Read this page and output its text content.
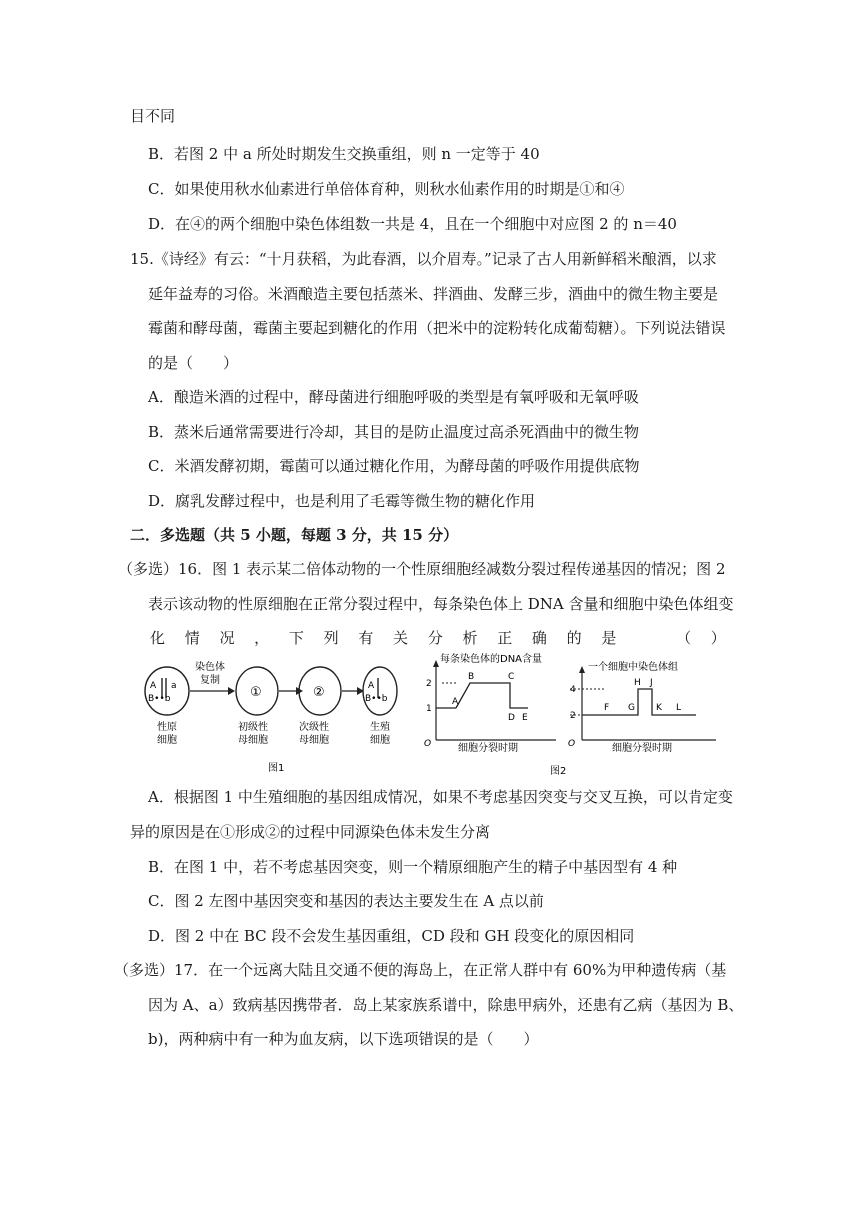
目不同
B．若图 2 中 a 所处时期发生交换重组，则 n 一定等于 40
C．如果使用秋水仙素进行单倍体育种，则秋水仙素作用的时期是①和④
D．在④的两个细胞中染色体组数一共是 4，且在一个细胞中对应图 2 的 n＝40
15.《诗经》有云：“十月获稻，为此春酒，以介眉寿。”记录了古人用新鲜稻米酿酒，以求
延年益寿的习俗。米酒酿造主要包括蒸米、拌酒曲、发酵三步，酒曲中的微生物主要是
霉菌和酵母菌，霉菌主要起到糖化的作用（把米中的淀粉转化成葡萄糖）。下列说法错误
的是（　　）
A．酿造米酒的过程中，酵母菌进行细胞呼吸的类型是有氧呼吸和无氧呼吸
B．蒸米后通常需要进行冷却，其目的是防止温度过高杀死酒曲中的微生物
C．米酒发酵初期，霉菌可以通过糖化作用，为酵母菌的呼吸作用提供底物
D．腐乳发酵过程中，也是利用了毛霉等微生物的糖化作用
二．多选题（共 5 小题，每题 3 分，共 15 分）
（多选）16．图 1 表示某二倍体动物的一个性原细胞经减数分裂过程传递基因的情况；图 2
表示该动物的性原细胞在正常分裂过程中，每条染色体上 DNA 含量和细胞中染色体组变
化 情 况 ， 下 列 有 关 分 析 正 确 的 是	（ ）
A a
B••b
性原
细胞
染色体
复制
①
初级性
母细胞
②
次级性
母细胞
A
B••b
生殖
细胞
图1
每条染色体的DNA含量
2
1
O	细胞分裂时期
A
B	C
D E
一个细胞中染色体组
4
2
O	细胞分裂时期
F G
H J
K L
图2
A．根据图 1 中生殖细胞的基因组成情况，如果不考虑基因突变与交叉互换，可以肯定变
异的原因是在①形成②的过程中同源染色体未发生分离
B．在图 1 中，若不考虑基因突变，则一个精原细胞产生的精子中基因型有 4 种
C．图 2 左图中基因突变和基因的表达主要发生在 A 点以前
D．图 2 中在 BC 段不会发生基因重组，CD 段和 GH 段变化的原因相同
（多选）17．在一个远离大陆且交通不便的海岛上，在正常人群中有 60%为甲种遗传病（基
因为 A、a）致病基因携带者．岛上某家族系谱中，除患甲病外，还患有乙病（基因为 B、
b)，两种病中有一种为血友病，以下选项错误的是（　　）
